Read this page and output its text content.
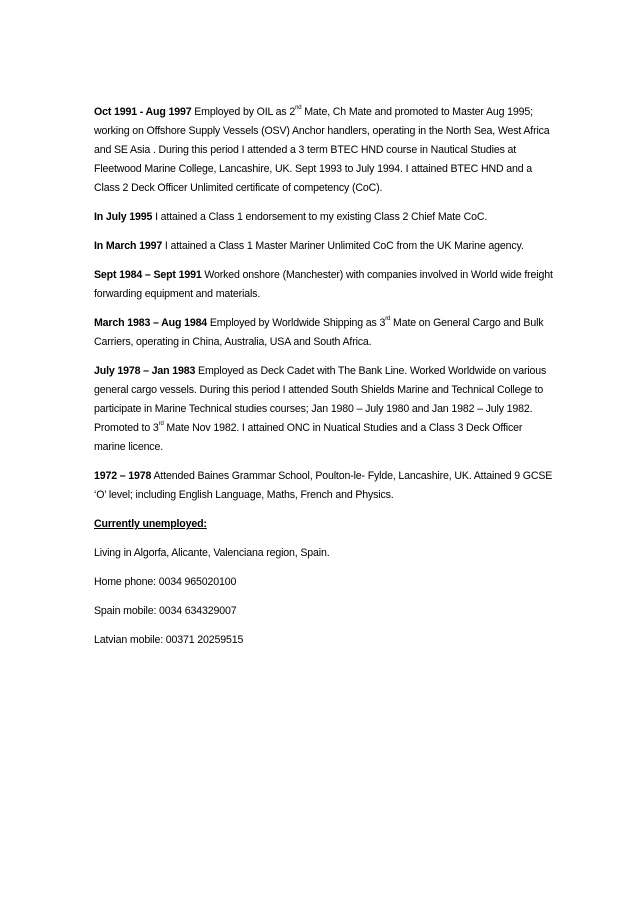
Oct 1991 - Aug 1997 Employed by OIL as 2nd Mate, Ch Mate and promoted to Master Aug 1995; working on Offshore Supply Vessels (OSV) Anchor handlers, operating in the North Sea, West Africa and SE Asia . During this period I attended a 3 term BTEC HND course in Nautical Studies at Fleetwood Marine College, Lancashire, UK. Sept 1993 to July 1994. I attained BTEC HND and a Class 2 Deck Officer Unlimited certificate of competency (CoC).

In July 1995 I attained a Class 1 endorsement to my existing Class 2 Chief Mate CoC.

In March 1997 I attained a Class 1 Master Mariner Unlimited CoC from the UK Marine agency.

Sept 1984 – Sept 1991 Worked onshore (Manchester) with companies involved in World wide freight forwarding equipment and materials.

March 1983 – Aug 1984 Employed by Worldwide Shipping as 3rd Mate on General Cargo and Bulk Carriers, operating in China, Australia, USA and South Africa.

July 1978 – Jan 1983 Employed as Deck Cadet with The Bank Line. Worked Worldwide on various general cargo vessels. During this period I attended South Shields Marine and Technical College to participate in Marine Technical studies courses; Jan 1980 – July 1980 and Jan 1982 – July 1982. Promoted to 3rd Mate Nov 1982. I attained ONC in Nuatical Studies and a Class 3 Deck Officer marine licence.

1972 – 1978 Attended Baines Grammar School, Poulton-le- Fylde, Lancashire, UK. Attained 9 GCSE ‘O’ level; including English Language, Maths, French and Physics.

Currently unemployed:

Living in Algorfa, Alicante, Valenciana region, Spain.

Home phone: 0034 965020100

Spain mobile: 0034 634329007

Latvian mobile: 00371 20259515
